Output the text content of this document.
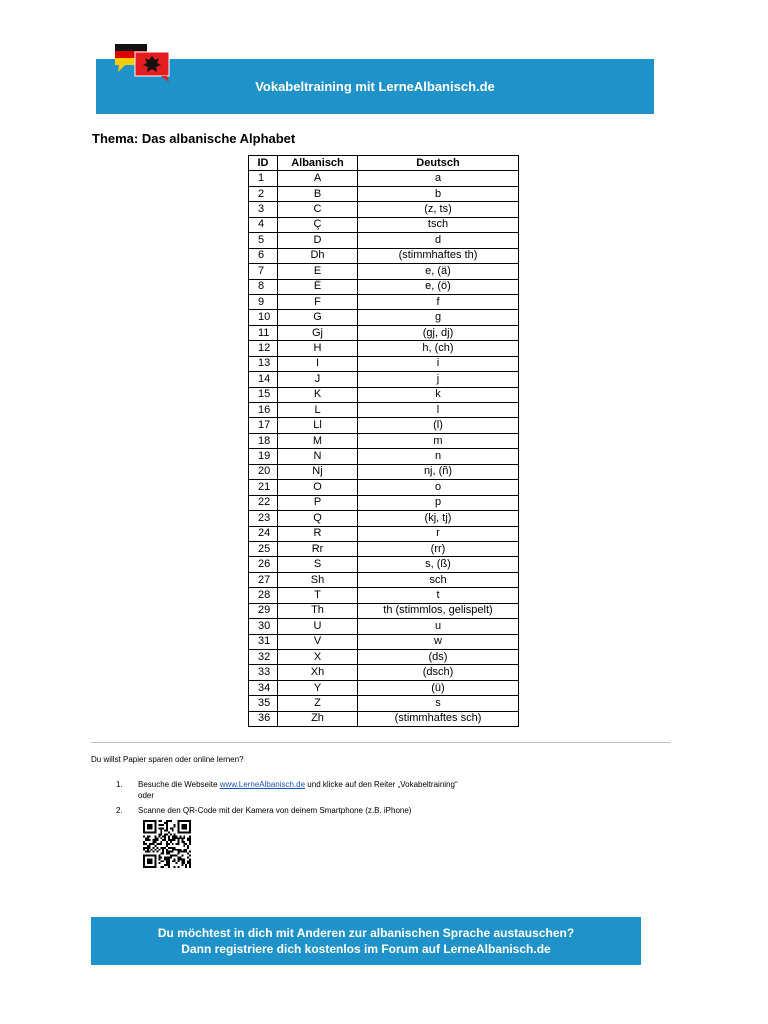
Vokabeltraining mit LerneAlbanisch.de
Thema: Das albanische Alphabet
ID	Albanisch	Deutsch
1	A	a
2	B	b
3	C	(z, ts)
4	Ç	tsch
5	D	d
6	Dh	(stimmhaftes th)
7	E	e, (ä)
8	Ë	e, (ö)
9	F	f
10	G	g
11	Gj	(gj, dj)
12	H	h, (ch)
13	I	i
14	J	j
15	K	k
16	L	l
17	Ll	(l)
18	M	m
19	N	n
20	Nj	nj, (ñ)
21	O	o
22	P	p
23	Q	(kj, tj)
24	R	r
25	Rr	(rr)
26	S	s, (ß)
27	Sh	sch
28	T	t
29	Th	th (stimmlos, gelispelt)
30	U	u
31	V	w
32	X	(ds)
33	Xh	(dsch)
34	Y	(ü)
35	Z	s
36	Zh	(stimmhaftes sch)
Du willst Papier sparen oder online lernen?
1. Besuche die Webseite www.LerneAlbanisch.de und klicke auf den Reiter „Vokabeltraining“
oder
2. Scanne den QR-Code mit der Kamera von deinem Smartphone (z.B. iPhone)
Du möchtest in dich mit Anderen zur albanischen Sprache austauschen?
Dann registriere dich kostenlos im Forum auf LerneAlbanisch.de
